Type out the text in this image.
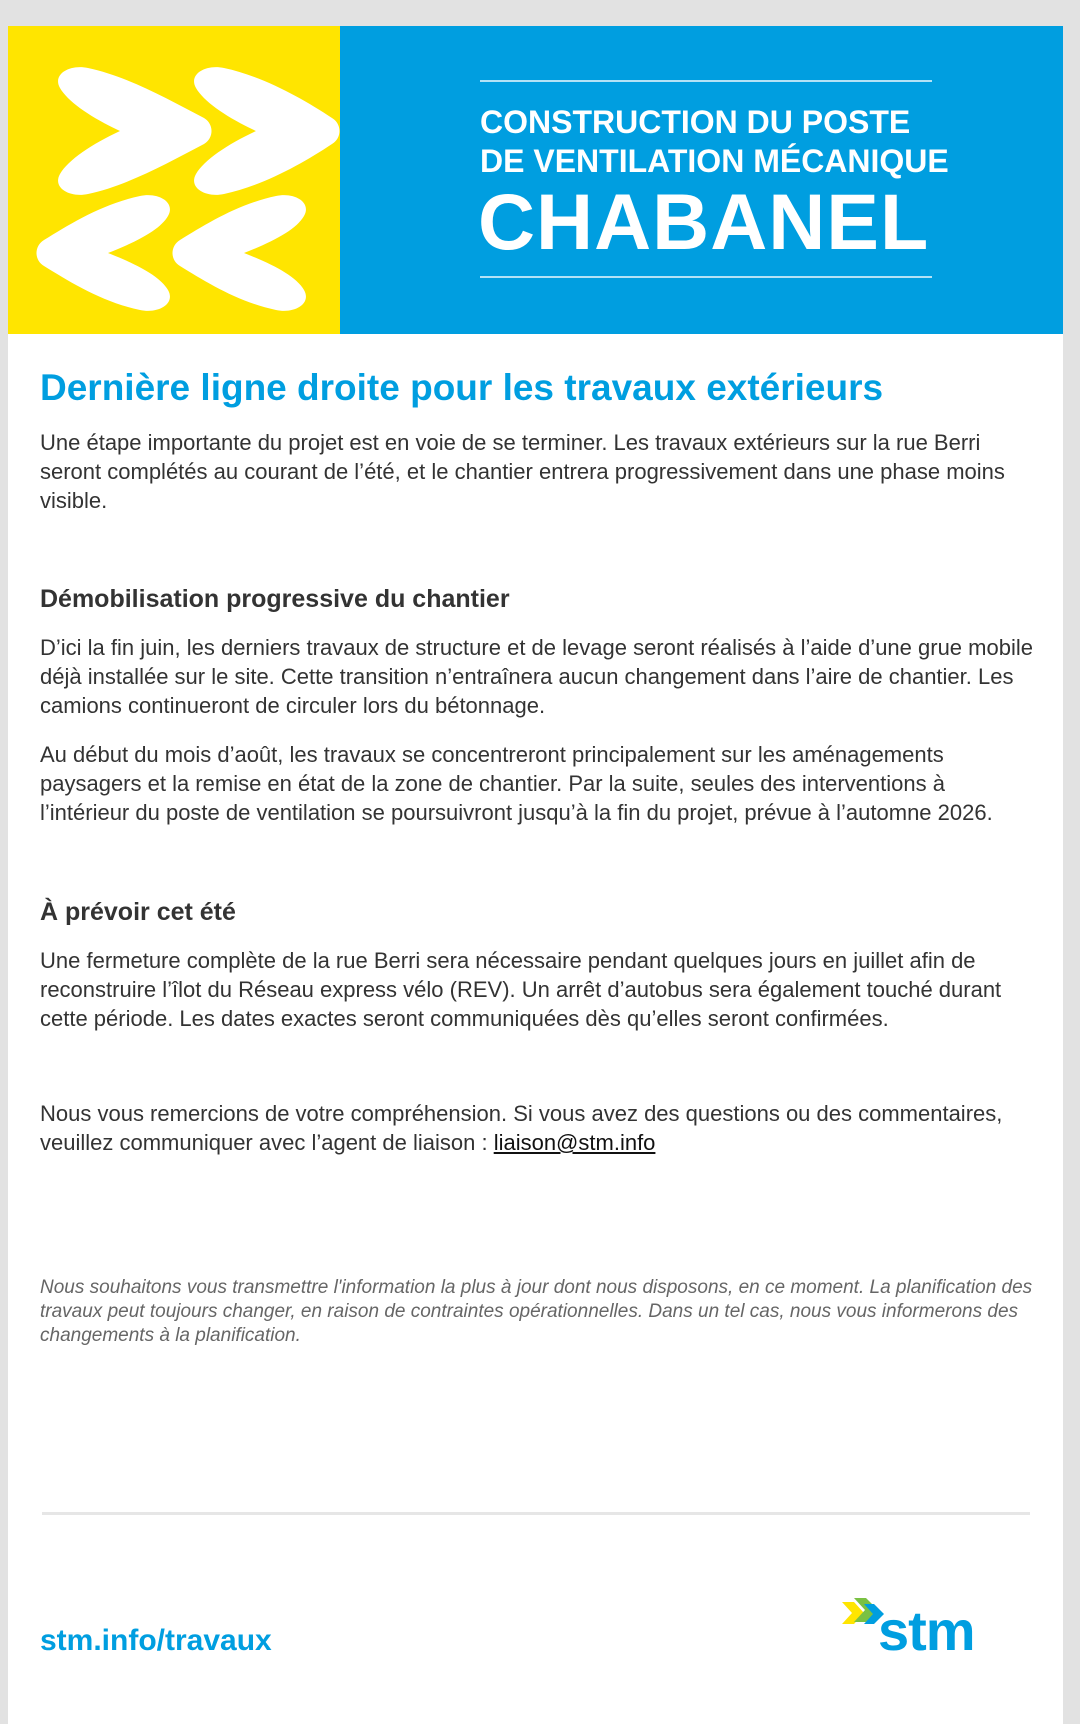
CONSTRUCTION DU POSTE
DE VENTILATION MÉCANIQUE
CHABANEL
Dernière ligne droite pour les travaux extérieurs

Une étape importante du projet est en voie de se terminer. Les travaux extérieurs sur la rue Berri seront complétés au courant de l’été, et le chantier entrera progressivement dans une phase moins visible.

Démobilisation progressive du chantier

D’ici la fin juin, les derniers travaux de structure et de levage seront réalisés à l’aide d’une grue mobile déjà installée sur le site. Cette transition n’entraînera aucun changement dans l’aire de chantier. Les camions continueront de circuler lors du bétonnage.

Au début du mois d’août, les travaux se concentreront principalement sur les aménagements paysagers et la remise en état de la zone de chantier. Par la suite, seules des interventions à l’intérieur du poste de ventilation se poursuivront jusqu’à la fin du projet, prévue à l’automne 2026.

À prévoir cet été

Une fermeture complète de la rue Berri sera nécessaire pendant quelques jours en juillet afin de reconstruire l’îlot du Réseau express vélo (REV). Un arrêt d’autobus sera également touché durant cette période. Les dates exactes seront communiquées dès qu’elles seront confirmées.

Nous vous remercions de votre compréhension. Si vous avez des questions ou des commentaires, veuillez communiquer avec l’agent de liaison : liaison@stm.info

Nous souhaitons vous transmettre l'information la plus à jour dont nous disposons, en ce moment. La planification des travaux peut toujours changer, en raison de contraintes opérationnelles. Dans un tel cas, nous vous informerons des changements à la planification.

stm.info/travaux	stm
